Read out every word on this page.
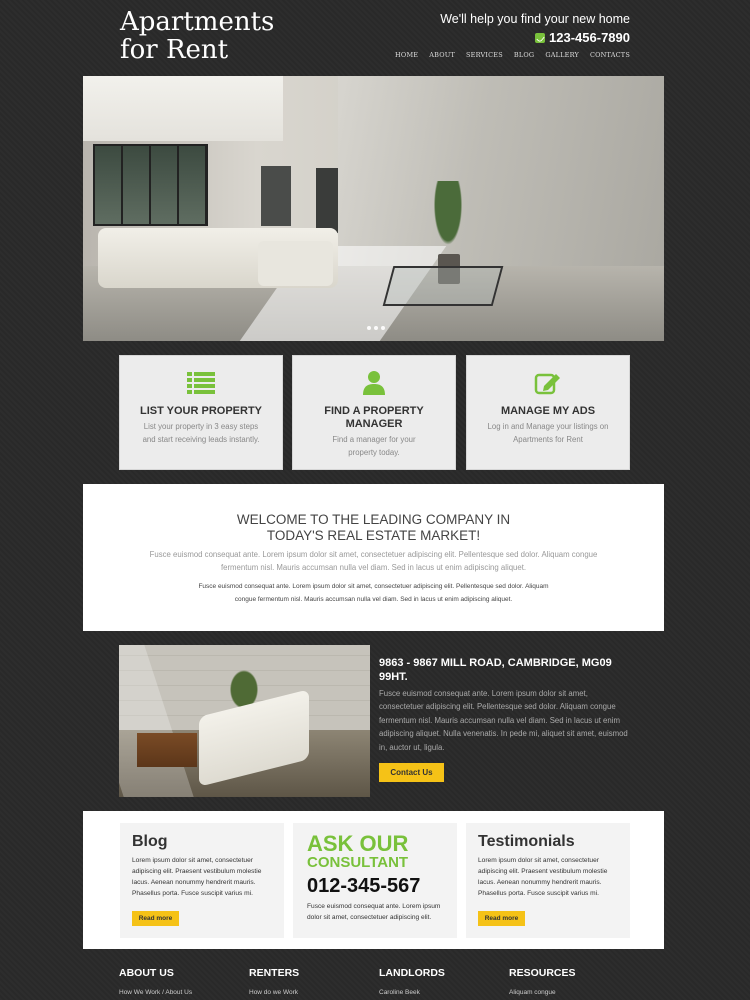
Apartments
for Rent
We'll help you find your new home
123-456-7890
HOME ABOUT SERVICES BLOG GALLERY CONTACTS
LIST YOUR PROPERTY

List your property in 3 easy steps and start receiving leads instantly.

FIND A PROPERTY MANAGER

Find a manager for your property today.

MANAGE MY ADS

Log in and Manage your listings on Apartments for Rent

WELCOME TO THE LEADING COMPANY IN TODAY'S REAL ESTATE MARKET!

Fusce euismod consequat ante. Lorem ipsum dolor sit amet, consectetuer adipiscing elit. Pellentesque sed dolor. Aliquam congue fermentum nisl. Mauris accumsan nulla vel diam. Sed in lacus ut enim adipiscing aliquet.

Fusce euismod consequat ante. Lorem ipsum dolor sit amet, consectetuer adipiscing elit. Pellentesque sed dolor. Aliquam congue fermentum nisl. Mauris accumsan nulla vel diam. Sed in lacus ut enim adipiscing aliquet.

9863 - 9867 MILL ROAD, CAMBRIDGE, MG09 99HT.
Fusce euismod consequat ante. Lorem ipsum dolor sit amet, consectetuer adipiscing elit. Pellentesque sed dolor. Aliquam congue fermentum nisl. Mauris accumsan nulla vel diam. Sed in lacus ut enim adipiscing aliquet. Nulla venenatis. In pede mi, aliquet sit amet, euismod in, auctor ut, ligula.
Contact Us
Blog

Lorem ipsum dolor sit amet, consectetuer adipiscing elit. Praesent vestibulum molestie lacus. Aenean nonummy hendrerit mauris. Phasellus porta. Fusce suscipit varius mi.

Read more
ASK OUR
CONSULTANT
012-345-567

Fusce euismod consequat ante. Lorem ipsum dolor sit amet, consectetuer adipiscing elit.

Testimonials

Lorem ipsum dolor sit amet, consectetuer adipiscing elit. Praesent vestibulum molestie lacus. Aenean nonummy hendrerit mauris. Phasellus porta. Fusce suscipit varius mi.

Read more
ABOUT US
How We Work / About Us
RENTERS
How do we Work
LANDLORDS
Caroline Beek
RESOURCES
Aliquam congue
